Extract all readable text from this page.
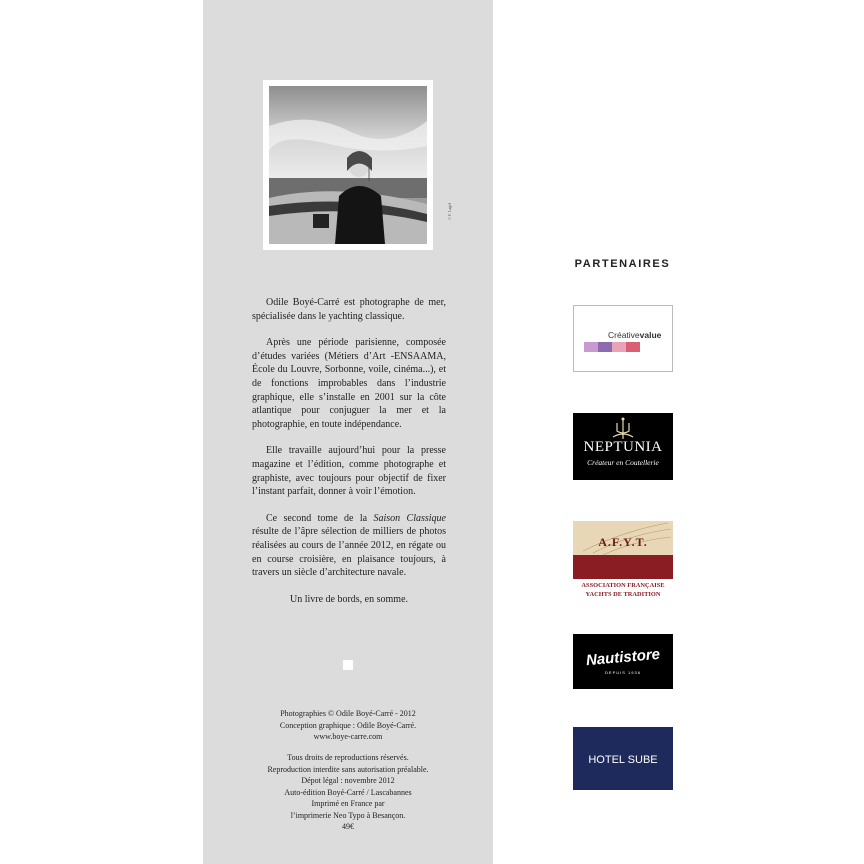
© F. Lagel

Odile Boyé-Carré est photographe de mer, spécialisée dans le yachting classique.

Après une période parisienne, composée d’études variées (Métiers d’Art -ENSAAMA, École du Louvre, Sorbonne, voile, cinéma...), et de fonctions improbables dans l’industrie graphique, elle s’installe en 2001 sur la côte atlantique pour conjuguer la mer et la photographie, en toute indépendance.

Elle travaille aujourd’hui pour la presse magazine et l’édition, comme photographe et graphiste, avec toujours pour objectif de fixer l’instant parfait, donner à voir l’émotion.

Ce second tome de la Saison Classique résulte de l’âpre sélection de milliers de photos réalisées au cours de l’année 2012, en régate ou en course croisière, en plaisance toujours, à travers un siècle d’architecture navale.

Un livre de bords, en somme.

Photographies © Odile Boyé-Carré - 2012
Conception graphique : Odile Boyé-Carré.
www.boye-carre.com
Tous droits de reproductions réservés.
Reproduction interdite sans autorisation préalable.
Dépot légal : novembre 2012
Auto-édition Boyé-Carré / Lascabannes
Imprimé en France par
l’imprimerie Neo Typo à Besançon.
49€
PARTENAIRES
Créativevalue
NEPTUNIA
Créateur en Coutellerie
A.F.Y.T.
ASSOCIATION FRANÇAISE
YACHTS DE TRADITION
Nautistore
DEPUIS 1936
HOTEL SUBE
